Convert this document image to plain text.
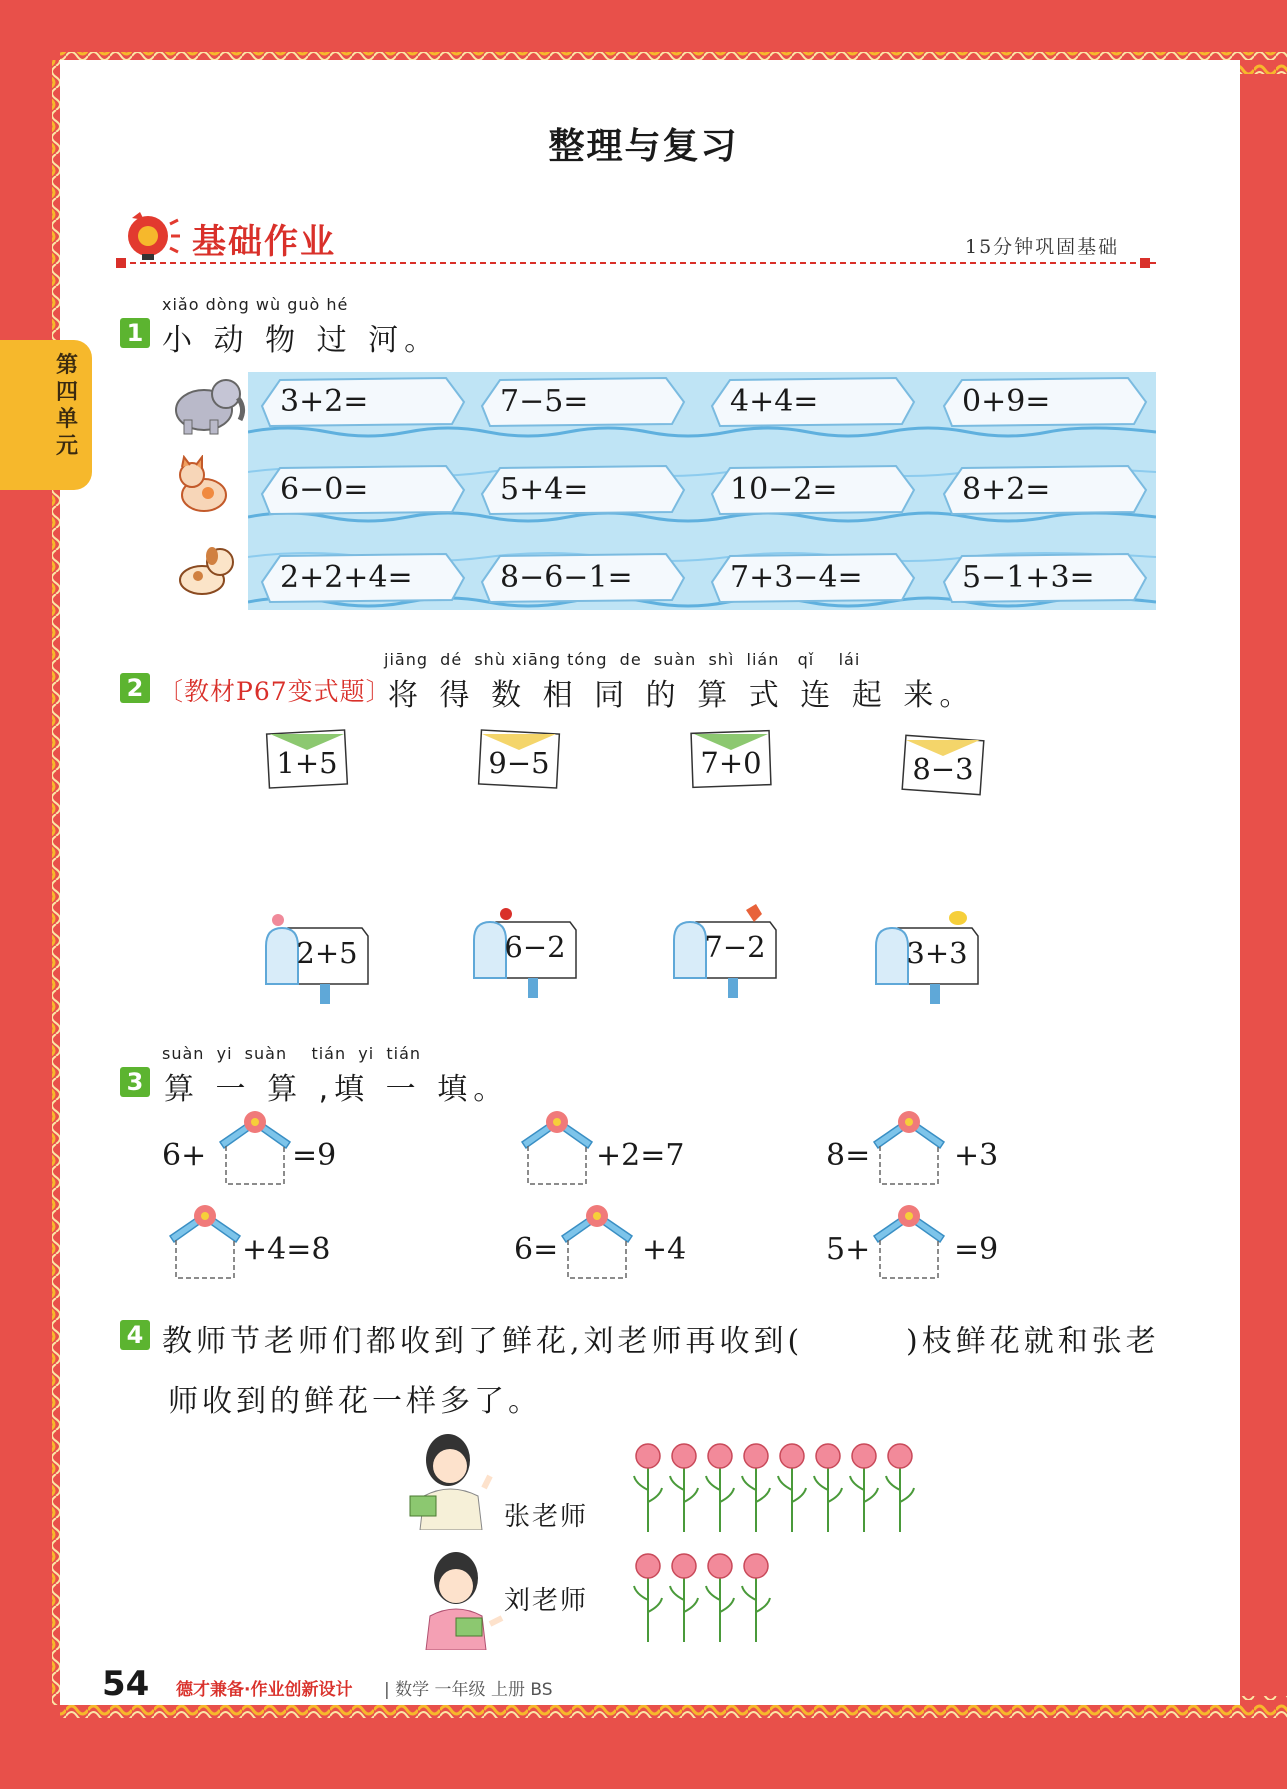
整理与复习
第四单元
基础作业	15分钟巩固基础
xiǎo dòng wù guò hé
1 小 动 物 过 河。
3+2=	7−5=	4+4=	0+9=
6−0=	5+4=	10−2=	8+2=
2+2+4=	8−6−1=	7+3−4=	5−1+3=
jiāng  dé  shù xiāng tóng  de  suàn  shì  lián   qǐ    lái
2 〔教材P67变式题〕
将 得 数 相 同 的 算 式 连 起 来。
1+5	9−5	7+0	8−3
2+5	6−2	7−2	3+3
suàn  yi  suàn    tián  yi  tián
3 算 一 算 ,填 一 填。
6+	=9	+2=7	8=	+3
+4=8	6=	+4	5+	=9
4 教师节老师们都收到了鲜花,刘老师再收到(	)枝鲜花就和张老
师收到的鲜花一样多了。
张老师
刘老师
54 德才兼备·作业创新设计 | 数学 一年级 上册 BS
